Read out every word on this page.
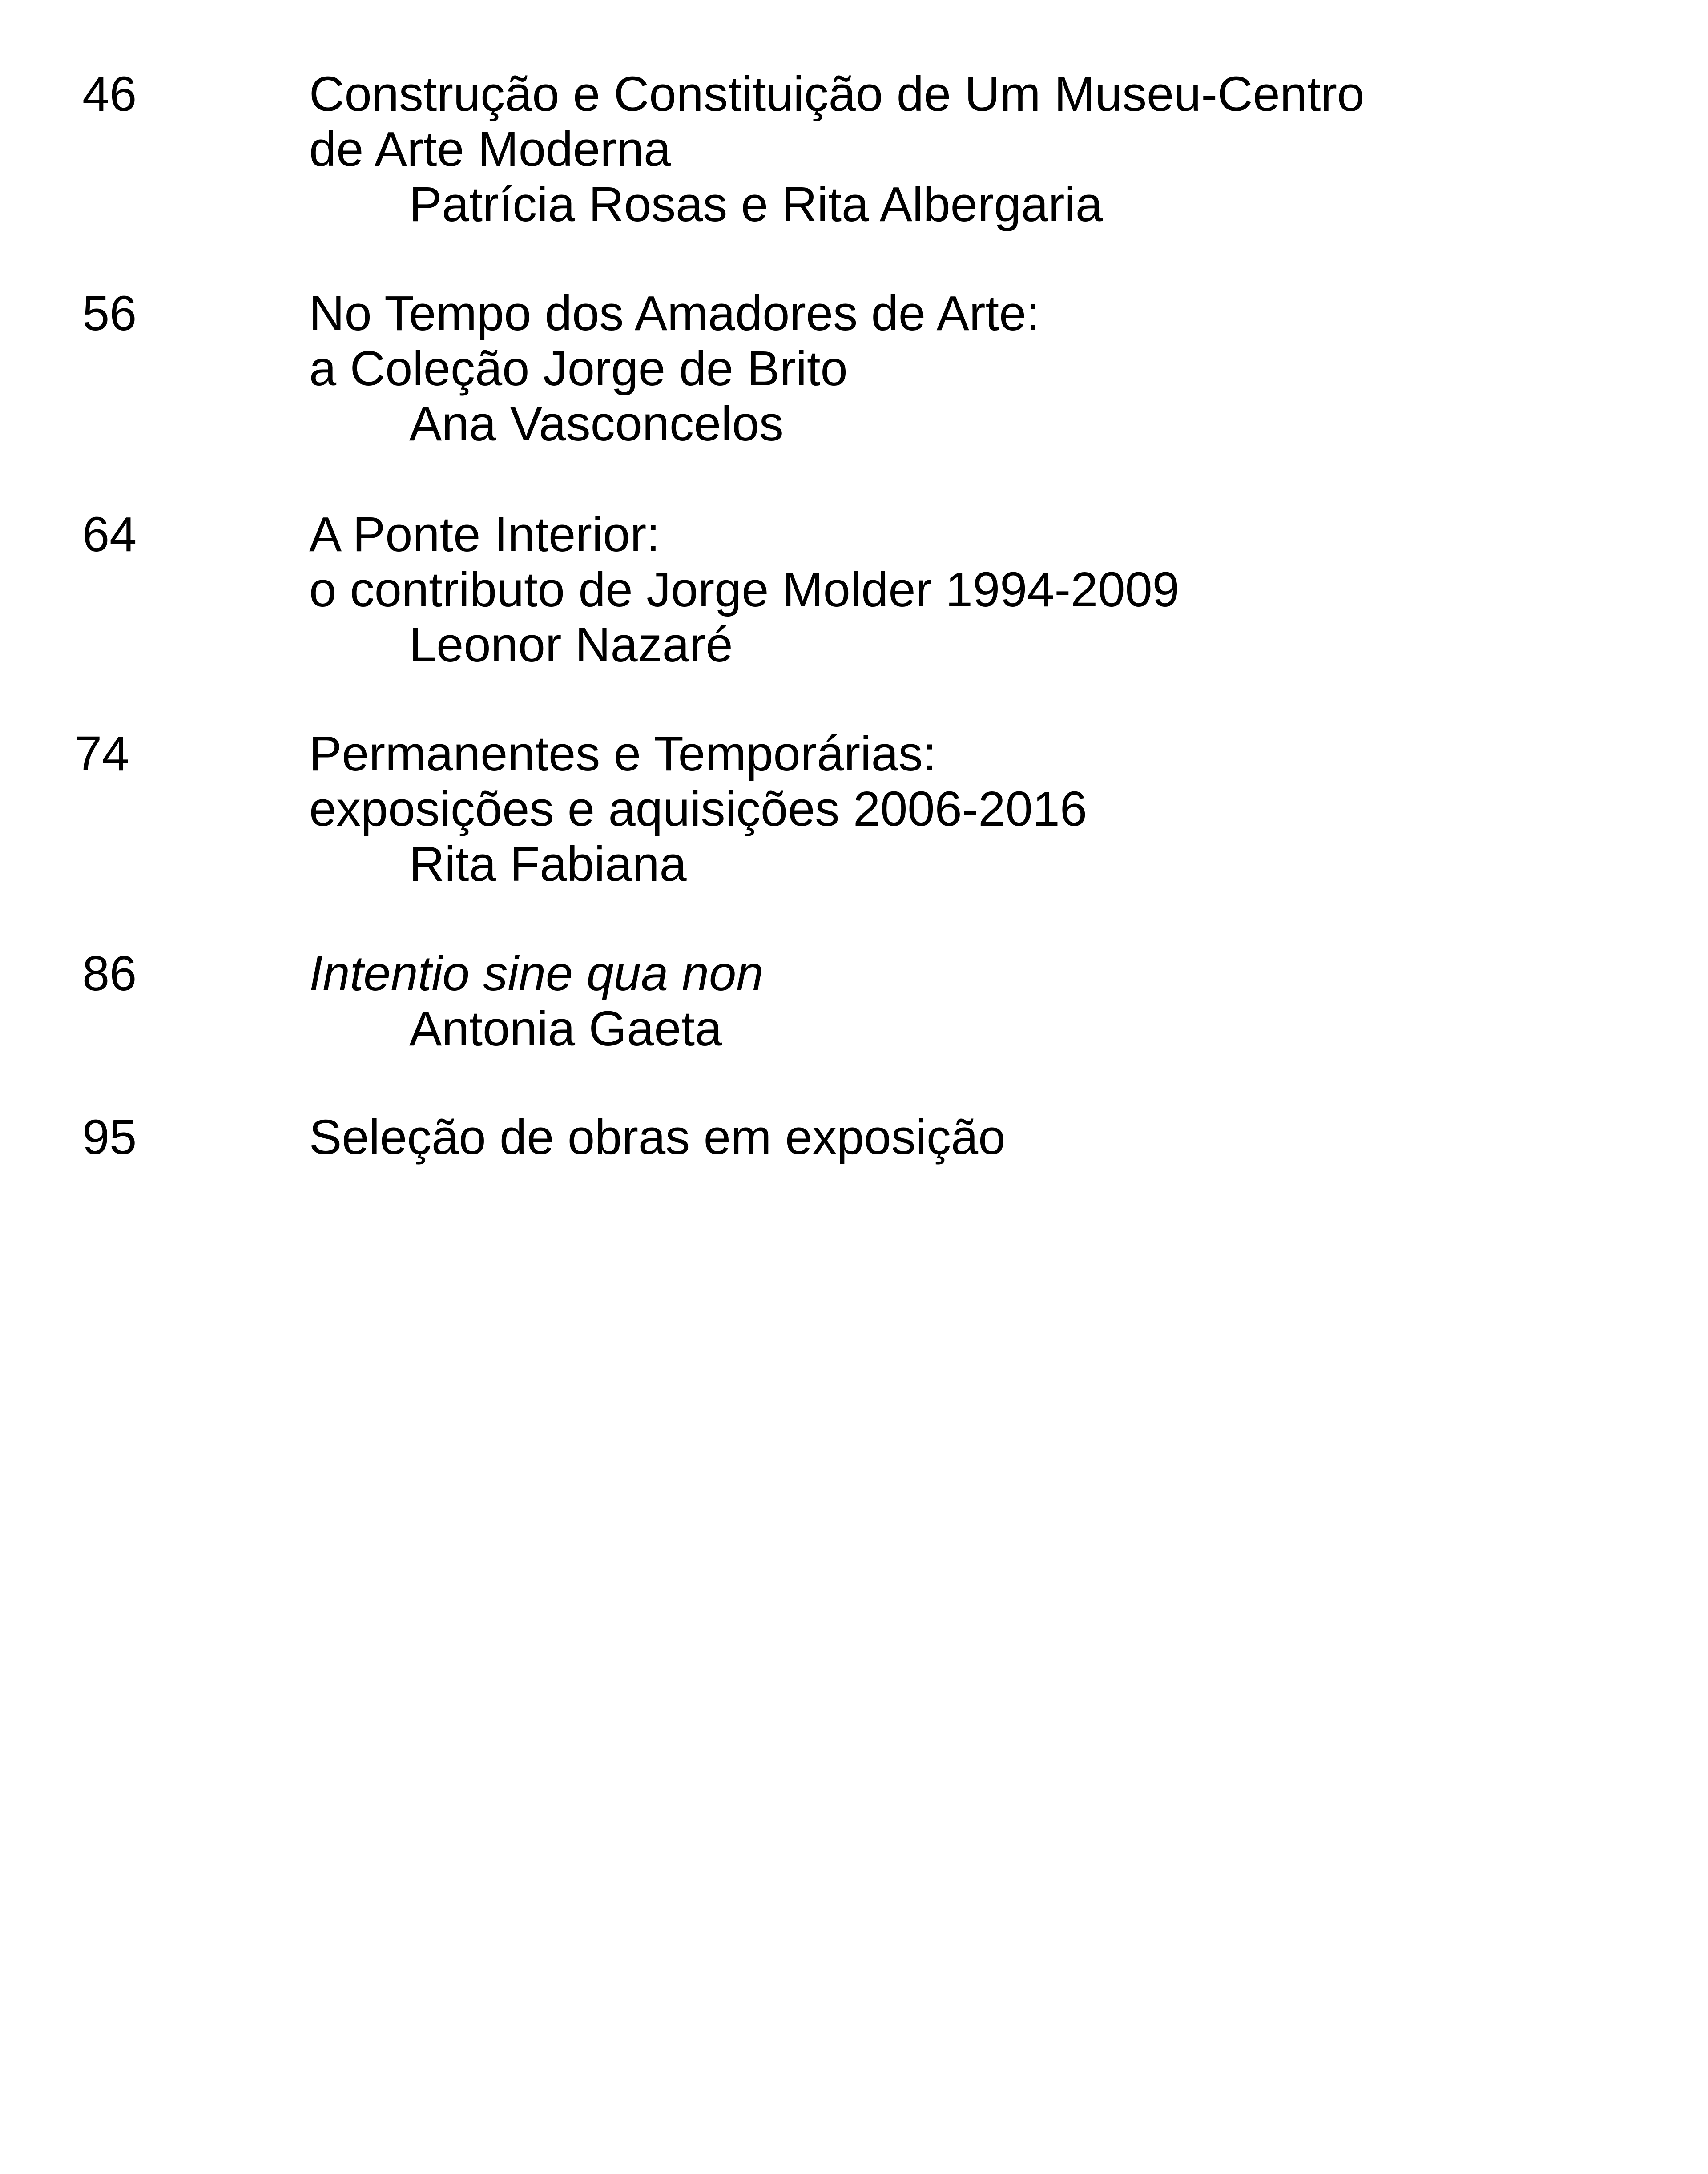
46	Construção e Constituição de Um Museu-Centro
de Arte Moderna
Patrícia Rosas e Rita Albergaria
56	No Tempo dos Amadores de Arte:
a Coleção Jorge de Brito
Ana Vasconcelos
64	A Ponte Interior:
o contributo de Jorge Molder 1994-2009
Leonor Nazaré
74	Permanentes e Temporárias:
exposições e aquisições 2006-2016
Rita Fabiana
86	Intentio sine qua non
Antonia Gaeta
95	Seleção de obras em exposição
